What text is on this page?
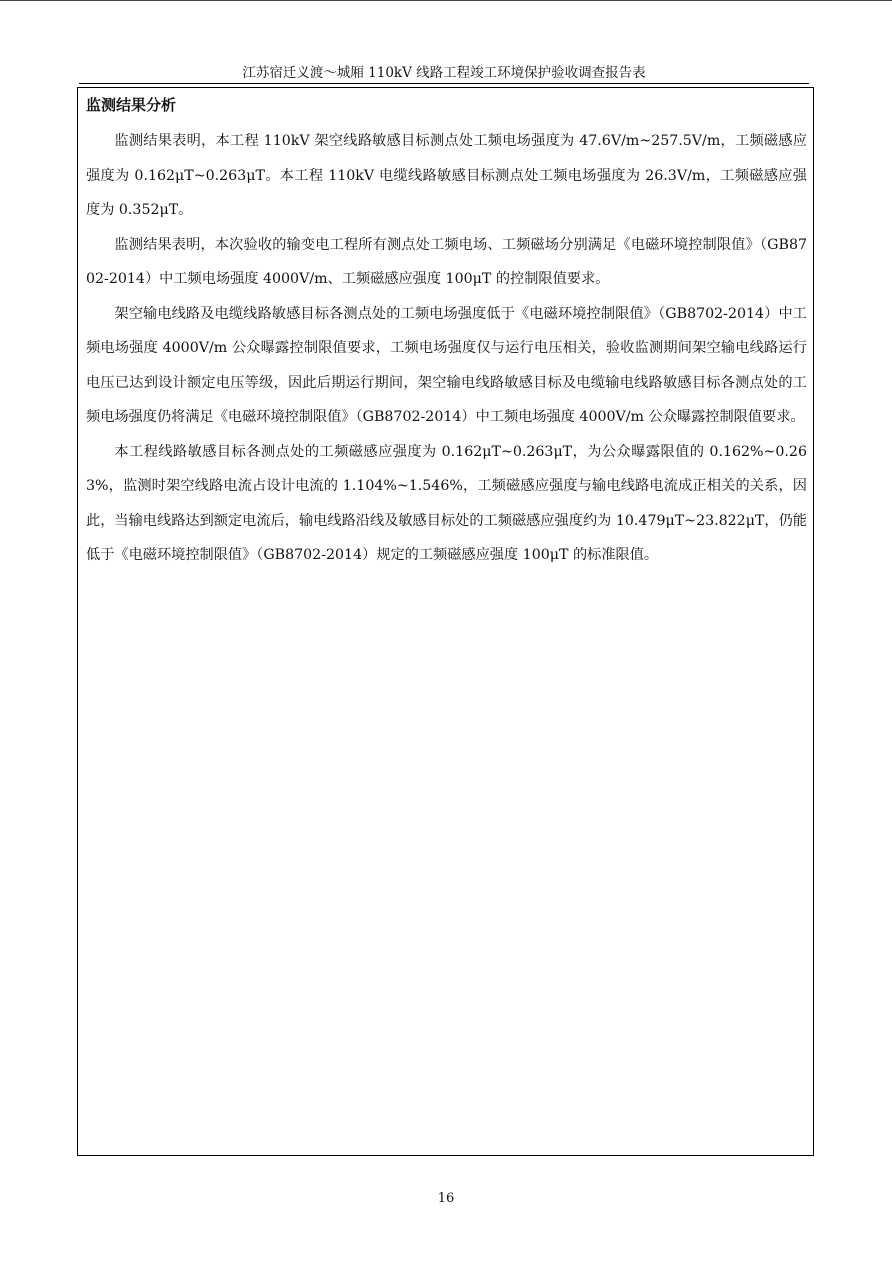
江苏宿迁义渡～城厢 110kV 线路工程竣工环境保护验收调查报告表
监测结果分析

监测结果表明，本工程 110kV 架空线路敏感目标测点处工频电场强度为 47.6V/m~257.5V/m，工频磁感应强度为 0.162μT~0.263μT。本工程 110kV 电缆线路敏感目标测点处工频电场强度为 26.3V/m，工频磁感应强度为 0.352μT。

监测结果表明，本次验收的输变电工程所有测点处工频电场、工频磁场分别满足《电磁环境控制限值》（GB8702-2014）中工频电场强度 4000V/m、工频磁感应强度 100μT 的控制限值要求。

架空输电线路及电缆线路敏感目标各测点处的工频电场强度低于《电磁环境控制限值》（GB8702-2014）中工频电场强度 4000V/m 公众曝露控制限值要求，工频电场强度仅与运行电压相关，验收监测期间架空输电线路运行电压已达到设计额定电压等级，因此后期运行期间，架空输电线路敏感目标及电缆输电线路敏感目标各测点处的工频电场强度仍将满足《电磁环境控制限值》（GB8702-2014）中工频电场强度 4000V/m 公众曝露控制限值要求。

本工程线路敏感目标各测点处的工频磁感应强度为 0.162μT~0.263μT，为公众曝露限值的 0.162%~0.263%，监测时架空线路电流占设计电流的 1.104%~1.546%，工频磁感应强度与输电线路电流成正相关的关系，因此，当输电线路达到额定电流后，输电线路沿线及敏感目标处的工频磁感应强度约为 10.479μT~23.822μT，仍能低于《电磁环境控制限值》（GB8702-2014）规定的工频磁感应强度 100μT 的标准限值。

16
